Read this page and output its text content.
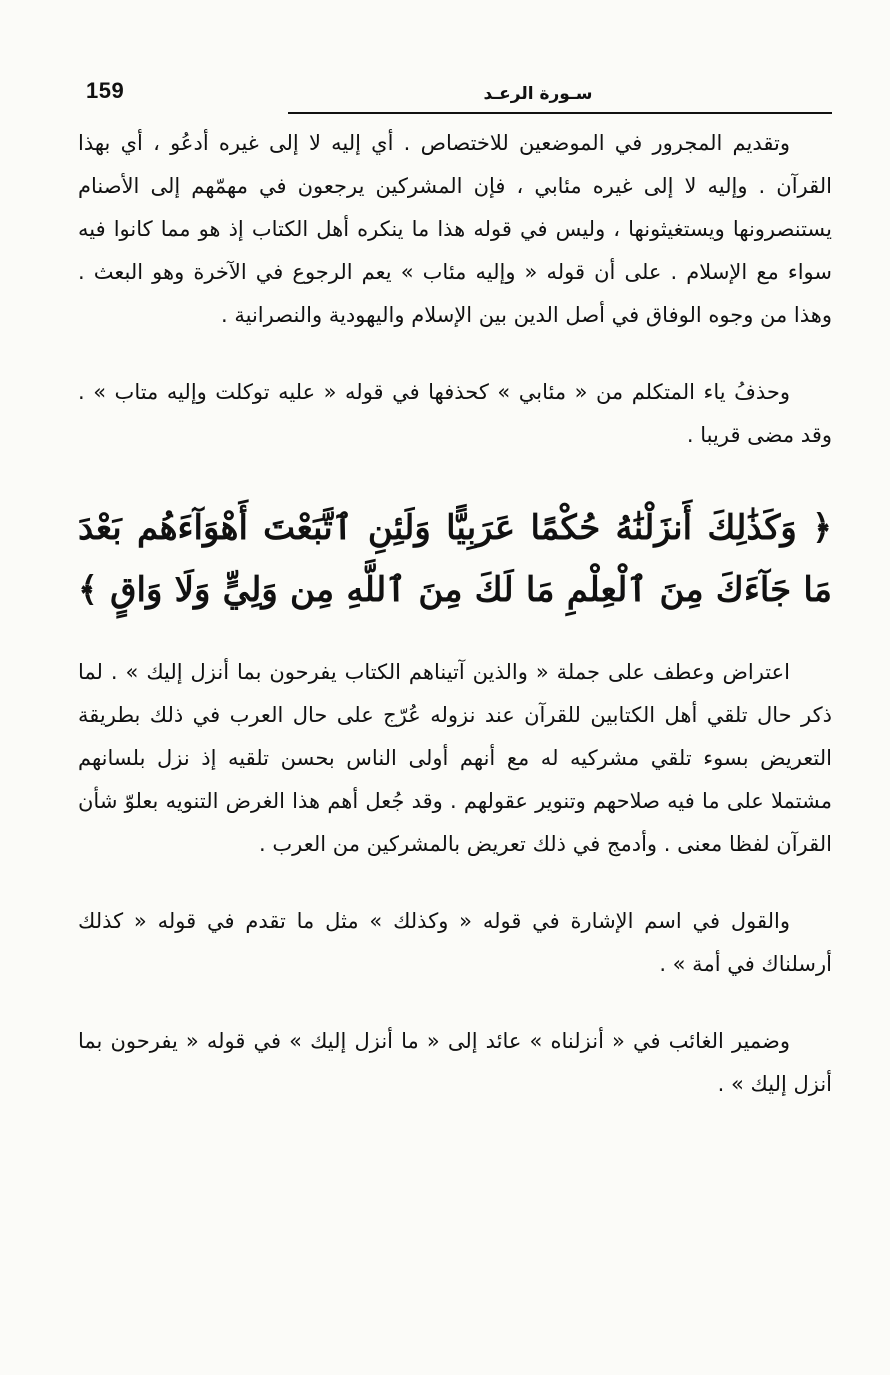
159	سـورة الرعـد

وتقديم المجرور في الموضعين للاختصاص . أي إليه لا إلى غيره أدعُو ، أي بهذا القرآن . وإليه لا إلى غيره مئابي ، فإن المشركين يرجعون في مهمّهم إلى الأصنام يستنصرونها ويستغيثونها ، وليس في قوله هذا ما ينكره أهل الكتاب إذ هو مما كانوا فيه سواء مع الإسلام . على أن قوله « وإليه مئاب » يعم الرجوع في الآخرة وهو البعث . وهذا من وجوه الوفاق في أصل الدين بين الإسلام واليهودية والنصرانية .

وحذفُ ياء المتكلم من « مئابي » كحذفها في قوله « عليه توكلت وإليه متاب » . وقد مضى قريبا .

﴿ وَكَذَٰلِكَ أَنزَلْنَٰهُ حُكْمًا عَرَبِيًّا وَلَئِنِ ٱتَّبَعْتَ أَهْوَآءَهُم بَعْدَ مَا جَآءَكَ مِنَ ٱلْعِلْمِ مَا لَكَ مِنَ ٱللَّهِ مِن وَلِيٍّ وَلَا وَاقٍ ﴾

اعتراض وعطف على جملة « والذين آتيناهم الكتاب يفرحون بما أنزل إليك » . لما ذكر حال تلقي أهل الكتابين للقرآن عند نزوله عُرّج على حال العرب في ذلك بطريقة التعريض بسوء تلقي مشركيه له مع أنهم أولى الناس بحسن تلقيه إذ نزل بلسانهم مشتملا على ما فيه صلاحهم وتنوير عقولهم . وقد جُعل أهم هذا الغرض التنويه بعلوّ شأن القرآن لفظا معنى . وأدمج في ذلك تعريض بالمشركين من العرب .

والقول في اسم الإشارة في قوله « وكذلك » مثل ما تقدم في قوله « كذلك أرسلناك في أمة » .

وضمير الغائب في « أنزلناه » عائد إلى « ما أنزل إليك » في قوله « يفرحون بما أنزل إليك » .
